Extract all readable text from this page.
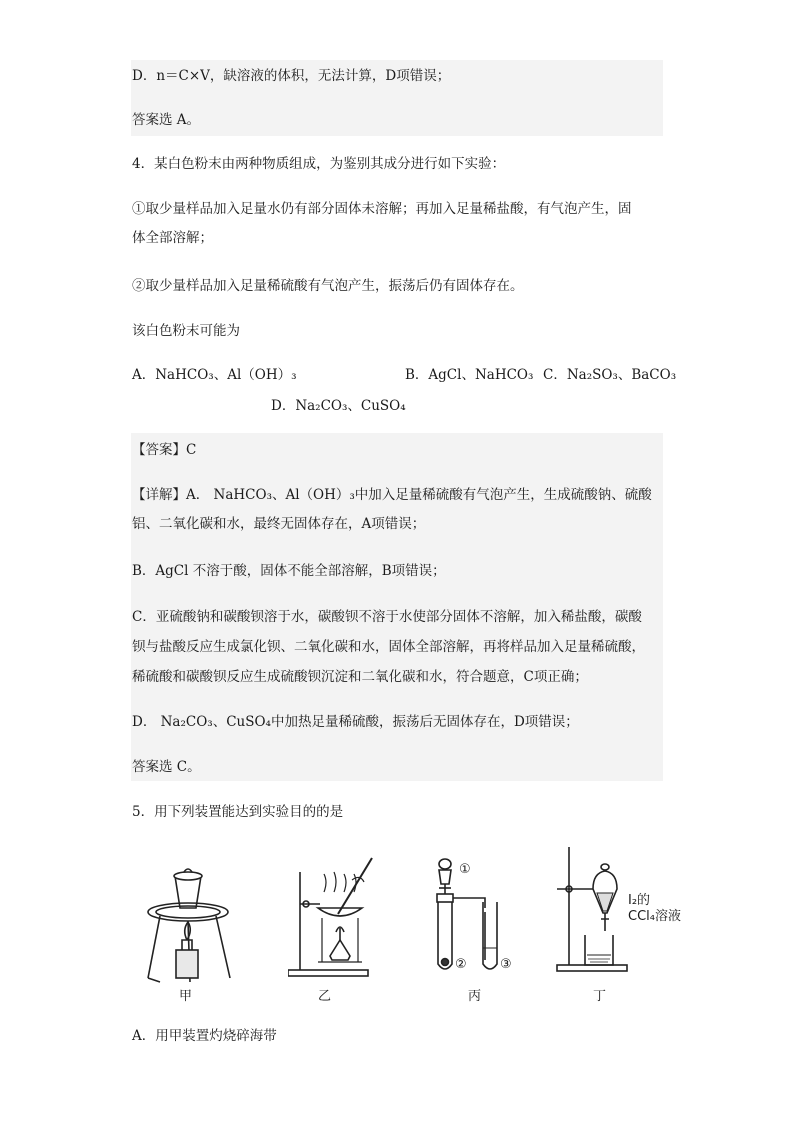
D．n＝C×V，缺溶液的体积，无法计算，D项错误；
答案选 A。
4．某白色粉末由两种物质组成，为鉴别其成分进行如下实验：
①取少量样品加入足量水仍有部分固体未溶解；再加入足量稀盐酸，有气泡产生，固
体全部溶解；
②取少量样品加入足量稀硫酸有气泡产生，振荡后仍有固体存在。
该白色粉末可能为
A．NaHCO₃、Al（OH）₃	B．AgCl、NaHCO₃ C．Na₂SO₃、BaCO₃
D．Na₂CO₃、CuSO₄
【答案】C
【详解】A． NaHCO₃、Al（OH）₃中加入足量稀硫酸有气泡产生，生成硫酸钠、硫酸
铝、二氧化碳和水，最终无固体存在，A项错误；
B．AgCl 不溶于酸，固体不能全部溶解，B项错误；
C．亚硫酸钠和碳酸钡溶于水，碳酸钡不溶于水使部分固体不溶解，加入稀盐酸，碳酸
钡与盐酸反应生成氯化钡、二氧化碳和水，固体全部溶解，再将样品加入足量稀硫酸，
稀硫酸和碳酸钡反应生成硫酸钡沉淀和二氧化碳和水，符合题意，C项正确；
D． Na₂CO₃、CuSO₄中加热足量稀硫酸，振荡后无固体存在，D项错误；
答案选 C。
5．用下列装置能达到实验目的的是
甲	乙
①
②	③
丙
I₂的
CCl₄溶液
丁
A．用甲装置灼烧碎海带
